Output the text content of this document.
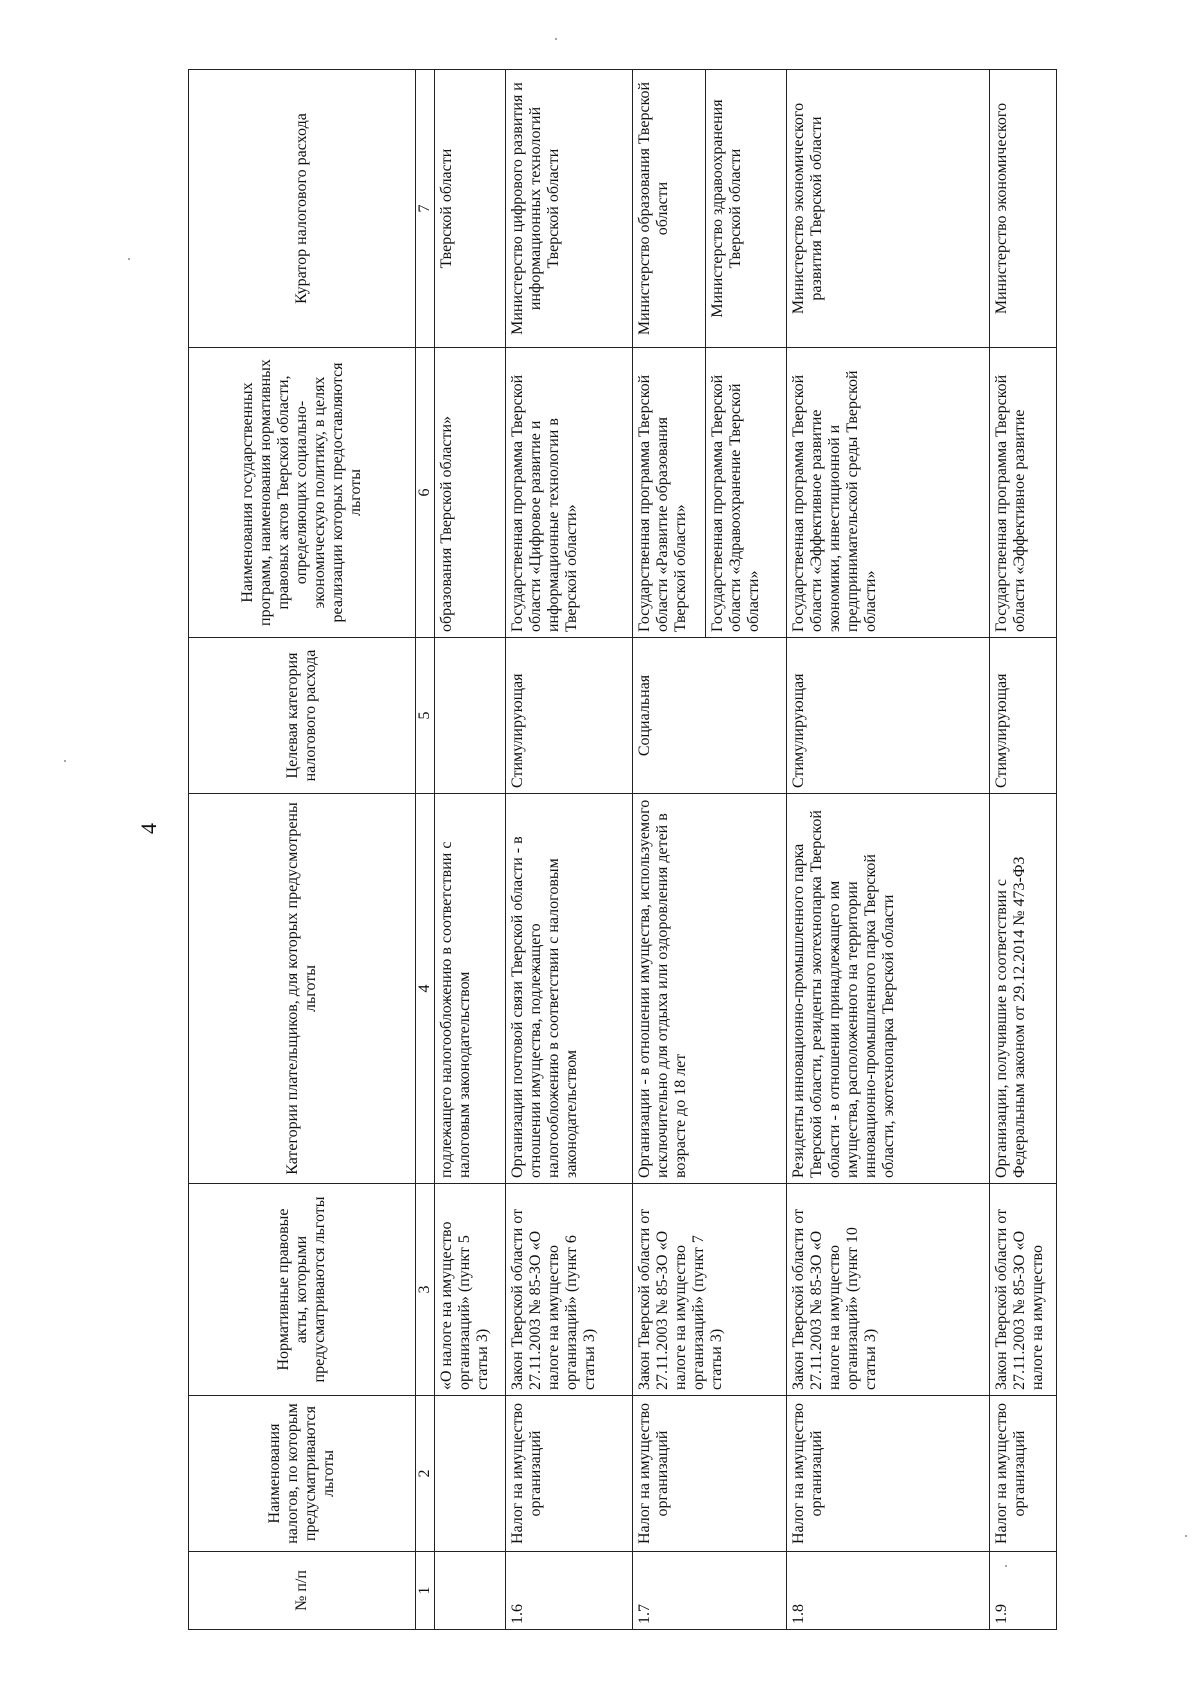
4
№ п/п	Наименования налогов, по которым предусматриваются льготы	Нормативные правовые акты, которыми предусматриваются льготы	Категории плательщиков, для которых предусмотрены льготы	Целевая категория налогового расхода	Наименования государственных программ, наименования нормативных правовых актов Тверской области, определяющих социально-экономическую политику, в целях реализации которых предоставляются льготы	Куратор налогового расхода
1	2	3	4	5	6	7
		«О налоге на имущество организаций» (пункт 5 статьи 3)	подлежащего налогообложению в соответствии с налоговым законодательством		образования Тверской области»	Тверской области
1.6	Налог на имущество организаций	Закон Тверской области от 27.11.2003 № 85-ЗО «О налоге на имущество организаций» (пункт 6 статьи 3)	Организации почтовой связи Тверской области - в отношении имущества, подлежащего налогообложению в соответствии с налоговым законодательством	Стимулирующая	Государственная программа Тверской области «Цифровое развитие и информационные технологии в Тверской области»	Министерство цифрового развития и информационных технологий Тверской области
1.7	Налог на имущество организаций	Закон Тверской области от 27.11.2003 № 85-ЗО «О налоге на имущество организаций» (пункт 7 статьи 3)	Организации - в отношении имущества, используемого исключительно для отдыха или оздоровления детей в возрасте до 18 лет	Социальная	Государственная программа Тверской области «Развитие образования Тверской области»	Министерство образования Тверской области
					Государственная программа Тверской области «Здравоохранение Тверской области»	Министерство здравоохранения Тверской области
1.8	Налог на имущество организаций	Закон Тверской области от 27.11.2003 № 85-ЗО «О налоге на имущество организаций» (пункт 10 статьи 3)	Резиденты инновационно-промышленного парка Тверской области, резиденты экотехнопарка Тверской области - в отношении принадлежащего им имущества, расположенного на территории инновационно-промышленного парка Тверской области, экотехнопарка Тверской области	Стимулирующая	Государственная программа Тверской области «Эффективное развитие экономики, инвестиционной и предпринимательской среды Тверской области»	Министерство экономического развития Тверской области
1.9	Налог на имущество организаций	Закон Тверской области от 27.11.2003 № 85-ЗО «О налоге на имущество	Организации, получившие в соответствии с Федеральным законом от 29.12.2014 № 473-ФЗ	Стимулирующая	Государственная программа Тверской области «Эффективное развитие	Министерство экономического
